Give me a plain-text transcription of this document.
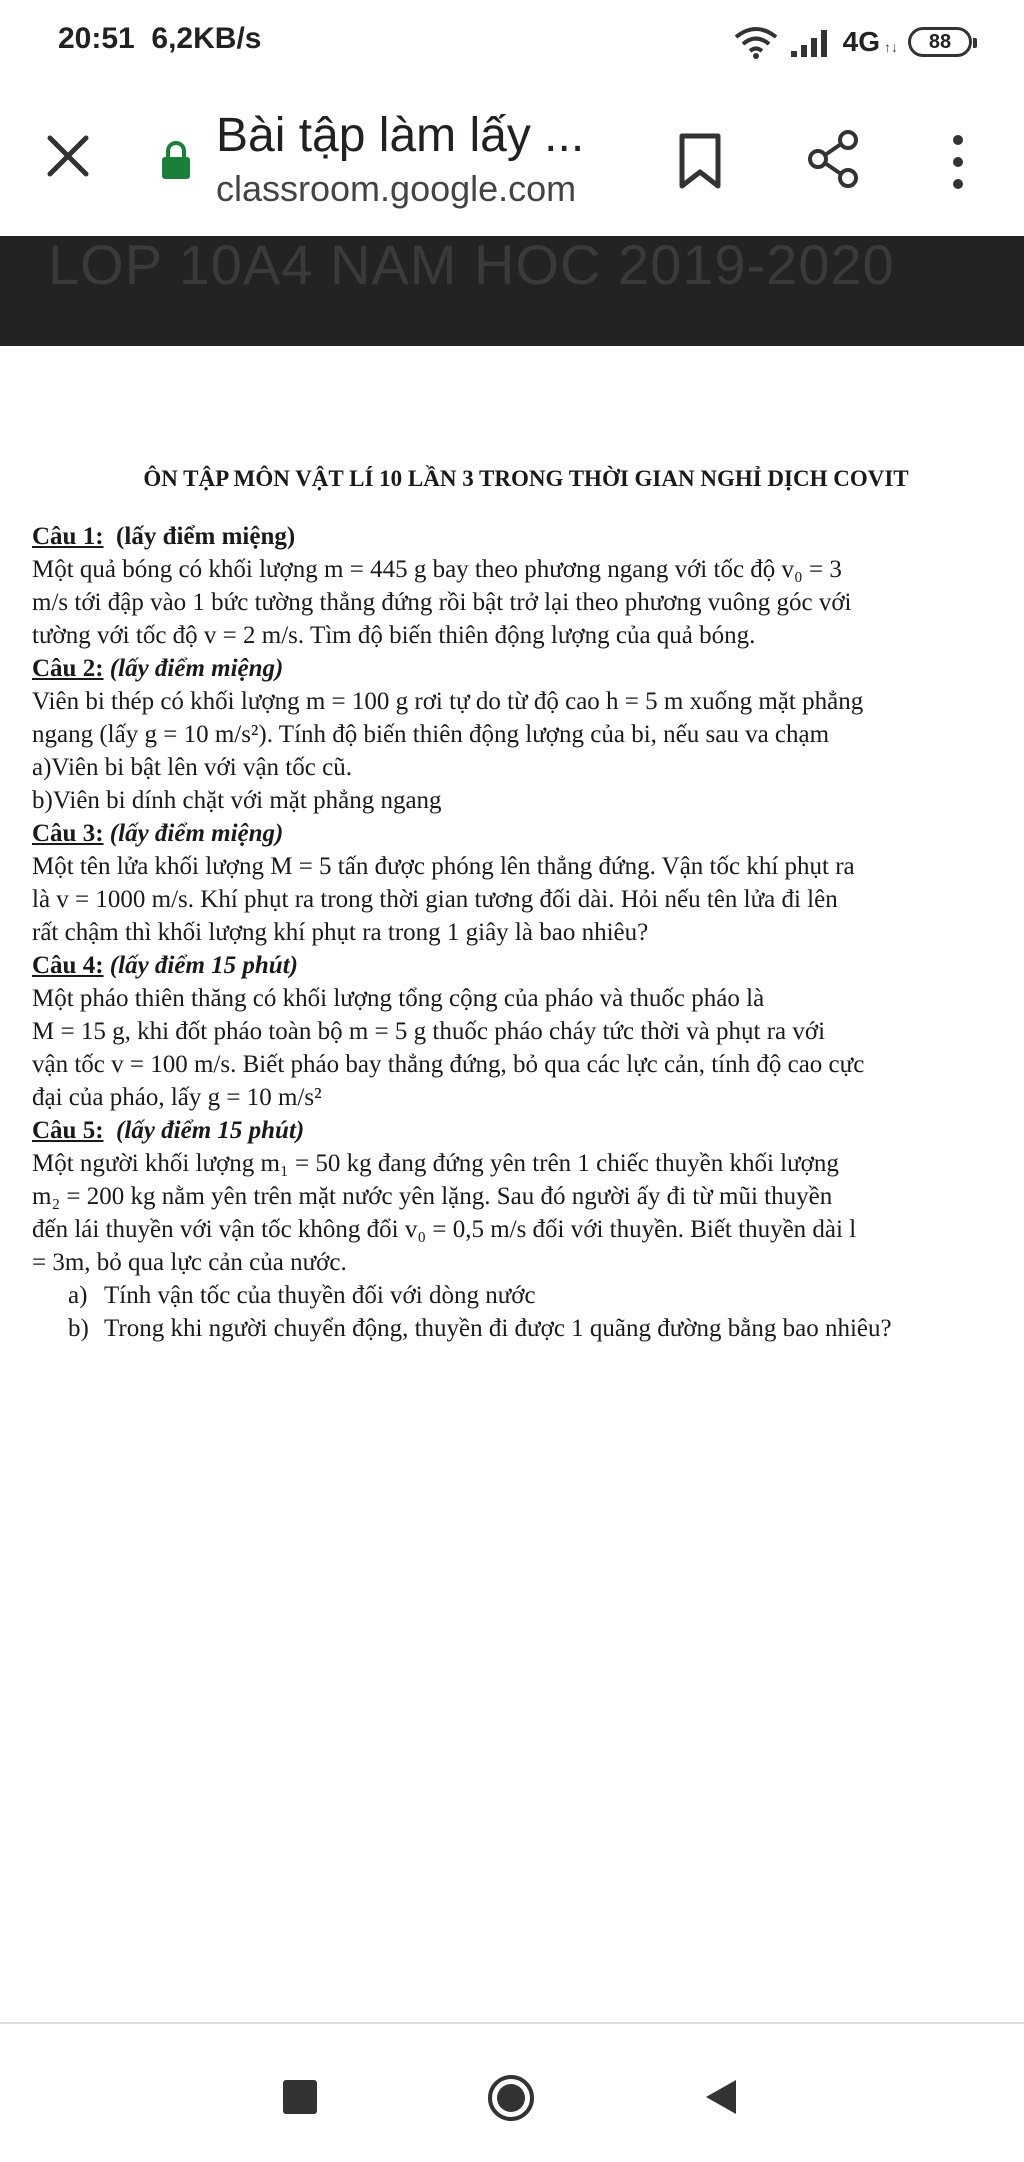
20:51 6,2KB/s	4G ↑↓ 88
Bài tập làm lấy ...
classroom.google.com
LOP 10A4 NAM HOC 2019-2020
ÔN TẬP MÔN VẬT LÍ 10 LẦN 3 TRONG THỜI GIAN NGHỈ DỊCH COVIT
Câu 1: (lấy điểm miệng)
Một quả bóng có khối lượng m = 445 g bay theo phương ngang với tốc độ v₀ = 3
m/s tới đập vào 1 bức tường thẳng đứng rồi bật trở lại theo phương vuông góc với
tường với tốc độ v = 2 m/s. Tìm độ biến thiên động lượng của quả bóng.
Câu 2: (lấy điểm miệng)
Viên bi thép có khối lượng m = 100 g rơi tự do từ độ cao h = 5 m xuống mặt phẳng
ngang (lấy g = 10 m/s²). Tính độ biến thiên động lượng của bi, nếu sau va chạm
a)Viên bi bật lên với vận tốc cũ.
b)Viên bi dính chặt với mặt phẳng ngang
Câu 3: (lấy điểm miệng)
Một tên lửa khối lượng M = 5 tấn được phóng lên thẳng đứng. Vận tốc khí phụt ra
là v = 1000 m/s. Khí phụt ra trong thời gian tương đối dài. Hỏi nếu tên lửa đi lên
rất chậm thì khối lượng khí phụt ra trong 1 giây là bao nhiêu?
Câu 4: (lấy điểm 15 phút)
Một pháo thiên thăng có khối lượng tổng cộng của pháo và thuốc pháo là
M = 15 g, khi đốt pháo toàn bộ m = 5 g thuốc pháo cháy tức thời và phụt ra với
vận tốc v = 100 m/s. Biết pháo bay thẳng đứng, bỏ qua các lực cản, tính độ cao cực
đại của pháo, lấy g = 10 m/s²
Câu 5: (lấy điểm 15 phút)
Một người khối lượng m₁ = 50 kg đang đứng yên trên 1 chiếc thuyền khối lượng
m₂ = 200 kg nằm yên trên mặt nước yên lặng. Sau đó người ấy đi từ mũi thuyền
đến lái thuyền với vận tốc không đổi v₀ = 0,5 m/s đối với thuyền. Biết thuyền dài l
= 3m, bỏ qua lực cản của nước.
a) Tính vận tốc của thuyền đối với dòng nước
b) Trong khi người chuyển động, thuyền đi được 1 quãng đường bằng bao nhiêu?
